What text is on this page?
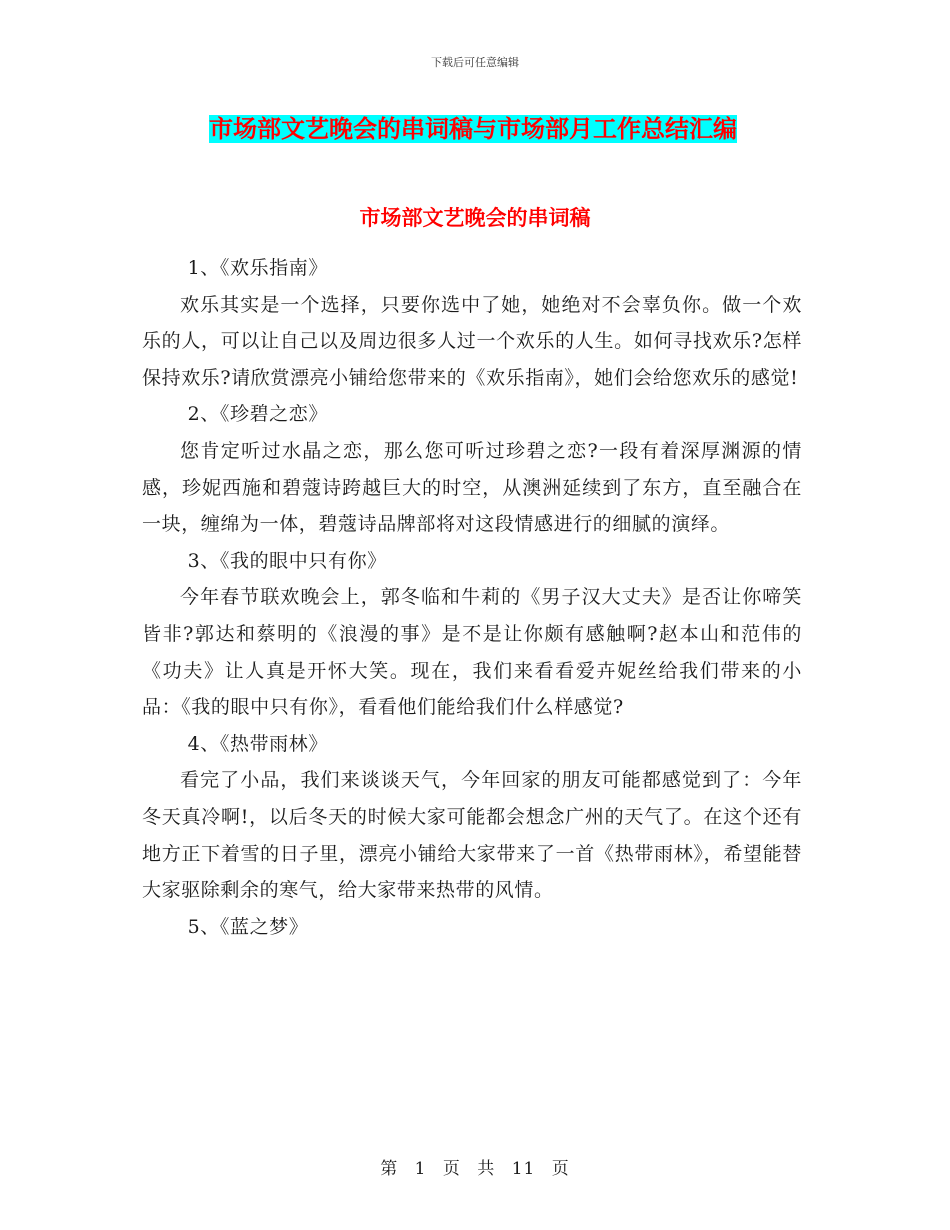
下载后可任意编辑
市场部文艺晚会的串词稿与市场部月工作总结汇编
市场部文艺晚会的串词稿

1、《欢乐指南》

欢乐其实是一个选择，只要你选中了她，她绝对不会辜负你。做一个欢乐的人，可以让自己以及周边很多人过一个欢乐的人生。如何寻找欢乐?怎样保持欢乐?请欣赏漂亮小铺给您带来的《欢乐指南》，她们会给您欢乐的感觉!

2、《珍碧之恋》

您肯定听过水晶之恋，那么您可听过珍碧之恋?一段有着深厚渊源的情感，珍妮西施和碧蔻诗跨越巨大的时空，从澳洲延续到了东方，直至融合在一块，缠绵为一体，碧蔻诗品牌部将对这段情感进行的细腻的演绎。

3、《我的眼中只有你》

今年春节联欢晚会上，郭冬临和牛莉的《男子汉大丈夫》是否让你啼笑皆非?郭达和蔡明的《浪漫的事》是不是让你颇有感触啊?赵本山和范伟的《功夫》让人真是开怀大笑。现在，我们来看看爱卉妮丝给我们带来的小品：《我的眼中只有你》，看看他们能给我们什么样感觉?

4、《热带雨林》

看完了小品，我们来谈谈天气，今年回家的朋友可能都感觉到了：今年冬天真冷啊!，以后冬天的时候大家可能都会想念广州的天气了。在这个还有地方正下着雪的日子里，漂亮小铺给大家带来了一首《热带雨林》，希望能替大家驱除剩余的寒气，给大家带来热带的风情。

5、《蓝之梦》

第 1 页 共 11 页
